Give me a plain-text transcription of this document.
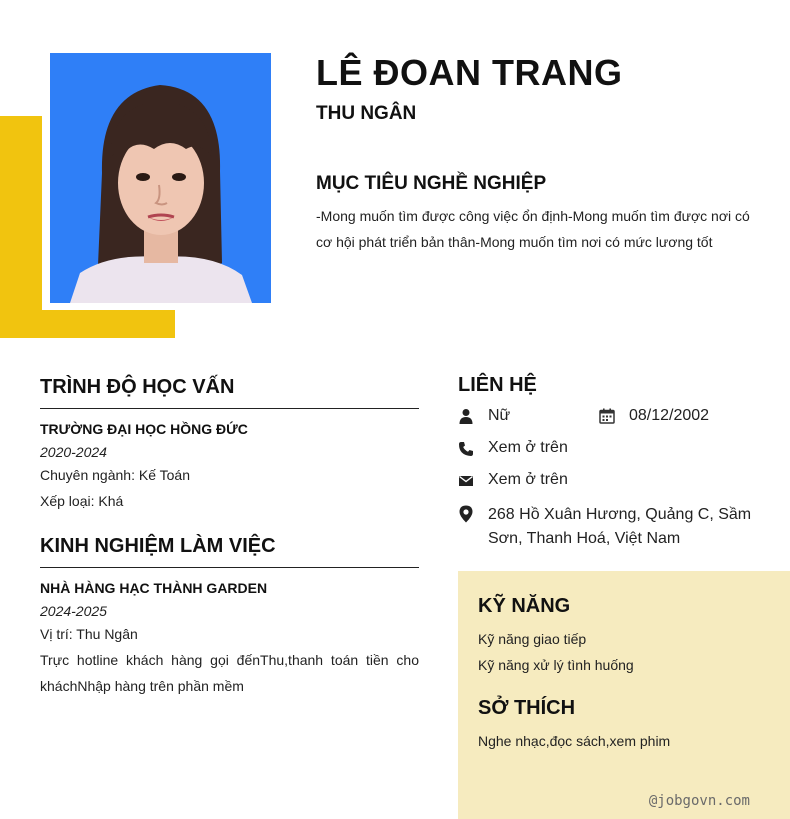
LÊ ĐOAN TRANG
THU NGÂN
MỤC TIÊU NGHỀ NGHIỆP
-Mong muốn tìm được công việc ổn định-Mong muốn tìm được nơi có cơ hội phát triển bản thân-Mong muốn tìm nơi có mức lương tốt
TRÌNH ĐỘ HỌC VẤN
TRƯỜNG ĐẠI HỌC HỒNG ĐỨC
2020-2024
Chuyên ngành: Kế Toán
Xếp loại: Khá
KINH NGHIỆM LÀM VIỆC
NHÀ HÀNG HẠC THÀNH GARDEN
2024-2025
Vị trí: Thu Ngân
Trực hotline khách hàng gọi đếnThu,thanh toán tiền cho kháchNhập hàng trên phần mềm
LIÊN HỆ
Nữ	08/12/2002
Xem ở trên
Xem ở trên
268 Hồ Xuân Hương, Quảng C, Sầm Sơn, Thanh Hoá, Việt Nam
KỸ NĂNG
Kỹ năng giao tiếp
Kỹ năng xử lý tình huống
SỞ THÍCH
Nghe nhạc,đọc sách,xem phim
@jobgovn.com
